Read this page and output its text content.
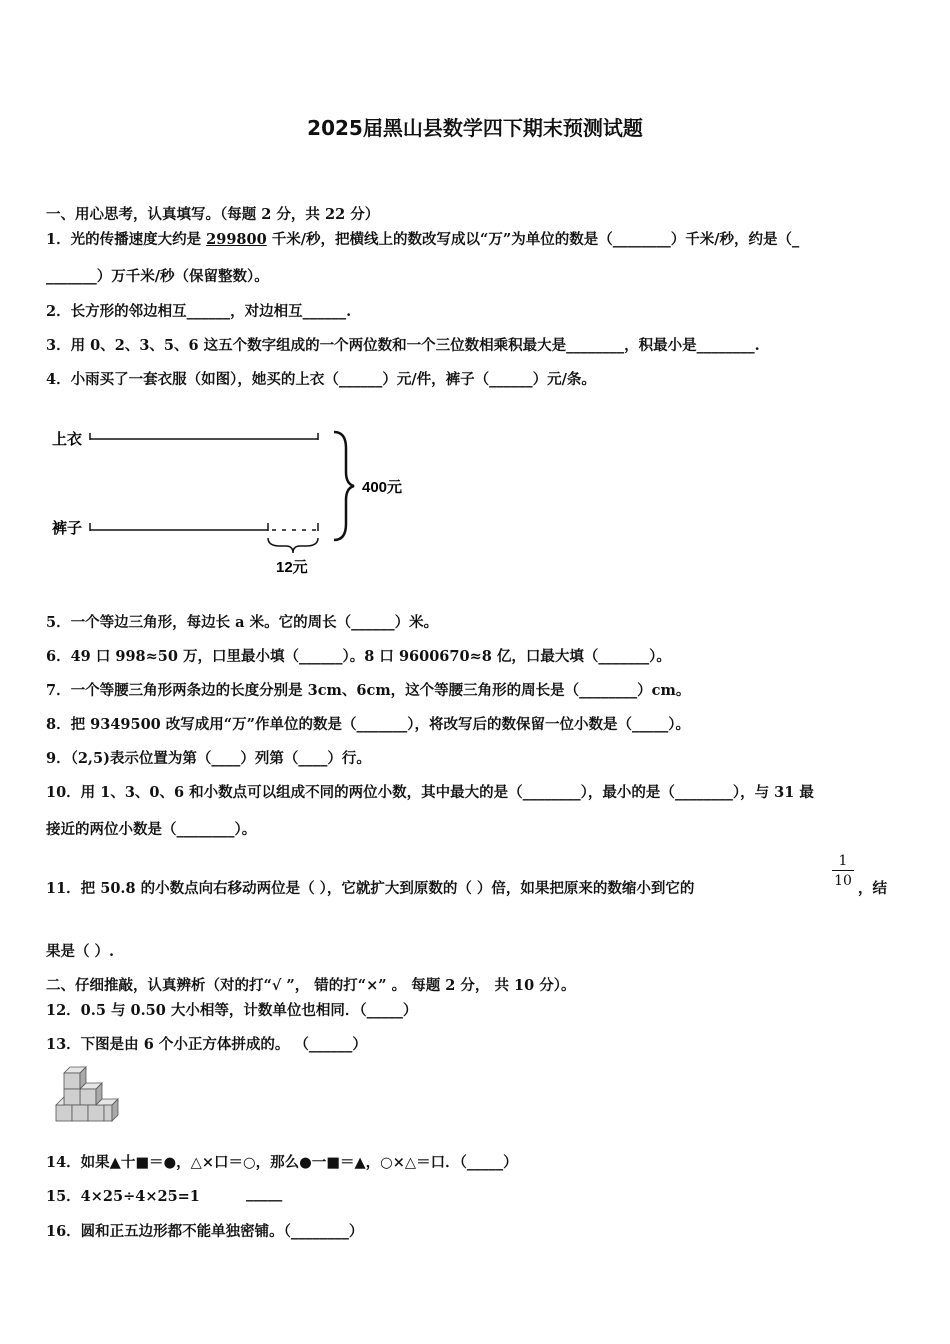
2025届黑山县数学四下期末预测试题
一、用心思考，认真填写。（每题 2 分，共 22 分）
1．光的传播速度大约是 299800 千米/秒，把横线上的数改写成以“万”为单位的数是（________）千米/秒，约是（_
_______）万千米/秒（保留整数）。
2．长方形的邻边相互______，对边相互______.
3．用 0、2、3、5、6 这五个数字组成的一个两位数和一个三位数相乘积最大是________，积最小是________.
4．小雨买了一套衣服（如图），她买的上衣（______）元/件，裤子（______）元/条。
上衣
裤子
12元
400元
5．一个等边三角形，每边长 a 米。它的周长（______）米。
6．49 口 998≈50 万，口里最小填（______）。8 口 9600670≈8 亿，口最大填（_______）。
7．一个等腰三角形两条边的长度分别是 3cm、6cm，这个等腰三角形的周长是（________）cm。
8．把 9349500 改写成用“万”作单位的数是（_______），将改写后的数保留一位小数是（_____）。
9．（2,5)表示位置为第（____）列第（____）行。
10．用 1、3、0、6 和小数点可以组成不同的两位小数，其中最大的是（________），最小的是（________），与 31 最
接近的两位小数是（________）。
11．把 50.8 的小数点向右移动两位是（ ），它就扩大到原数的（ ）倍，如果把原来的数缩小到它的	$\frac{1}{10}$ ，结
果是（ ）.
二、仔细推敲，认真辨析（对的打“√ ”， 错的打“×” 。 每题 2 分， 共 10 分）。
12．0.5 与 0.50 大小相等，计数单位也相同．（_____）
13．下图是由 6 个小正方体拼成的。 （______）
14．如果▲十■＝●，△×口＝○，那么●一■＝▲，○×△＝口．（_____）
15．4×25÷4×25=1	_____
16．圆和正五边形都不能单独密铺。（________）
